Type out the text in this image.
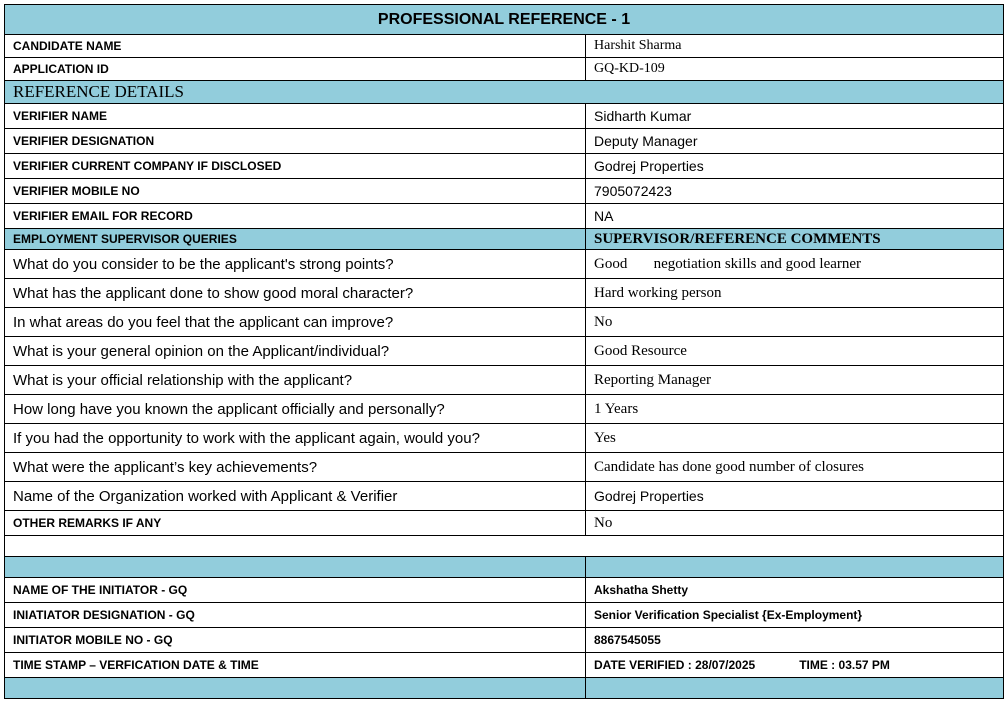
PROFESSIONAL REFERENCE - 1	
CANDIDATE NAME	Harshit Sharma
APPLICATION ID	GQ-KD-109
REFERENCE DETAILS	
VERIFIER NAME	Sidharth Kumar
VERIFIER DESIGNATION	Deputy Manager
VERIFIER CURRENT COMPANY IF DISCLOSED	Godrej Properties
VERIFIER MOBILE NO	7905072423
VERIFIER EMAIL FOR RECORD	NA
EMPLOYMENT SUPERVISOR QUERIES	SUPERVISOR/REFERENCE COMMENTS
What do you consider to be the applicant's strong points?	Good       negotiation skills and good learner
What has the applicant done to show good moral character?	Hard working person
In what areas do you feel that the applicant can improve?	No
What is your general opinion on the Applicant/individual?	Good Resource
What is your official relationship with the applicant?	Reporting Manager
How long have you known the applicant officially and personally?	1 Years
If you had the opportunity to work with the applicant again, would you?	Yes
What were the applicant’s key achievements?	Candidate has done good number of closures
Name of the Organization worked with Applicant & Verifier	Godrej Properties
OTHER REMARKS IF ANY	No

NAME OF THE INITIATOR - GQ	Akshatha Shetty
INIATIATOR DESIGNATION - GQ	Senior Verification Specialist {Ex-Employment}
INITIATOR MOBILE NO - GQ	8867545055
TIME STAMP – VERFICATION DATE & TIME	DATE VERIFIED : 28/07/2025 TIME : 03.57 PM
